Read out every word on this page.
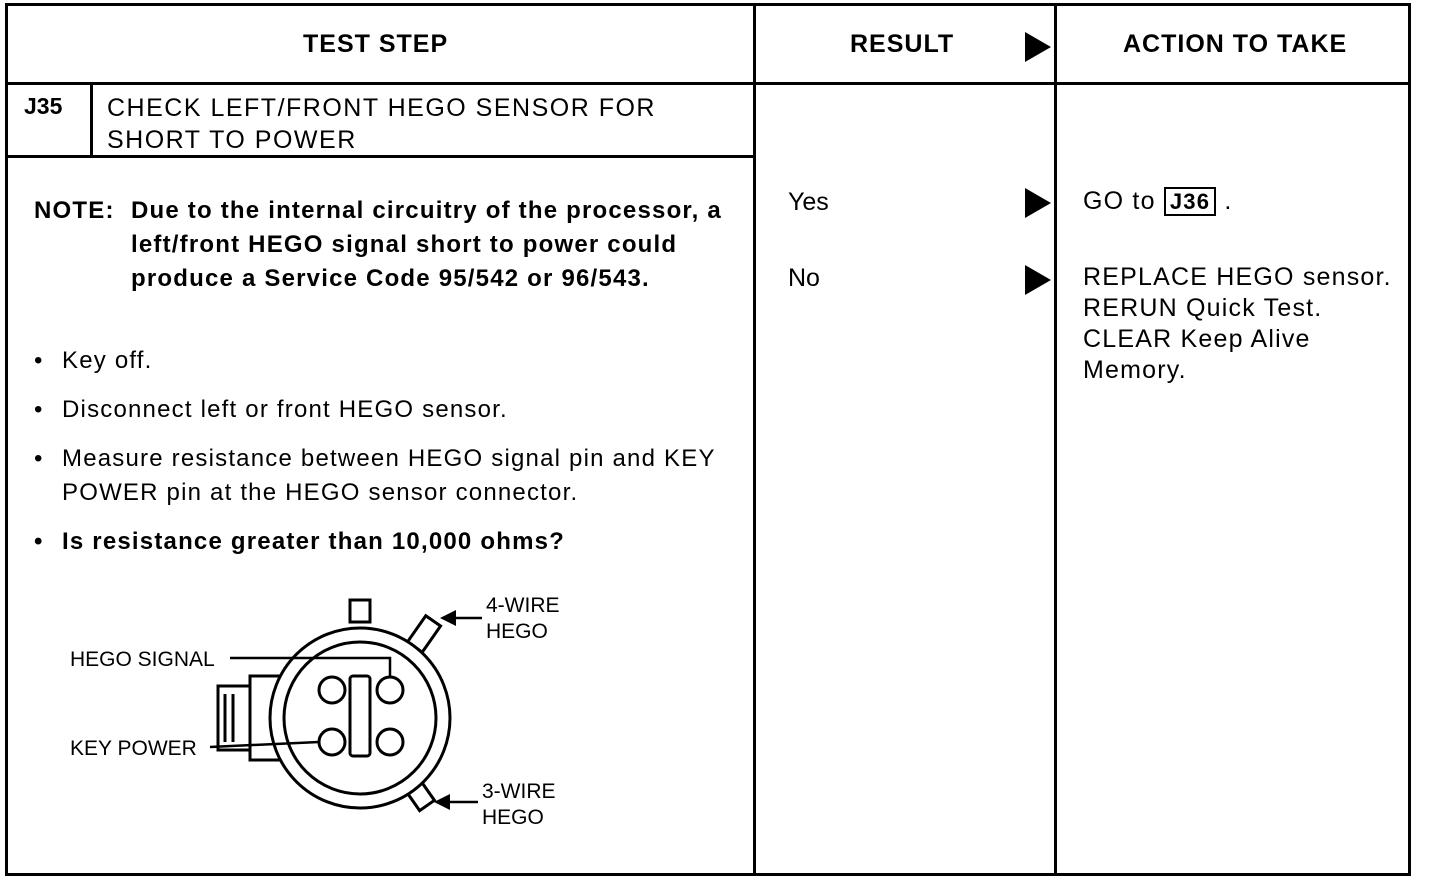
TEST STEP	RESULT	ACTION TO TAKE
J35 CHECK LEFT/FRONT HEGO SENSOR FOR SHORT TO POWER
NOTE: Due to the internal circuitry of the processor, a left/front HEGO signal short to power could produce a Service Code 95/542 or 96/543.
• Key off.
• Disconnect left or front HEGO sensor.
• Measure resistance between HEGO signal pin and KEY POWER pin at the HEGO sensor connector.
• Is resistance greater than 10,000 ohms?
HEGO SIGNAL
KEY POWER
4-WIRE
HEGO
3-WIRE
HEGO
Yes
No
GO to J36 .
REPLACE HEGO sensor. RERUN Quick Test. CLEAR Keep Alive Memory.
